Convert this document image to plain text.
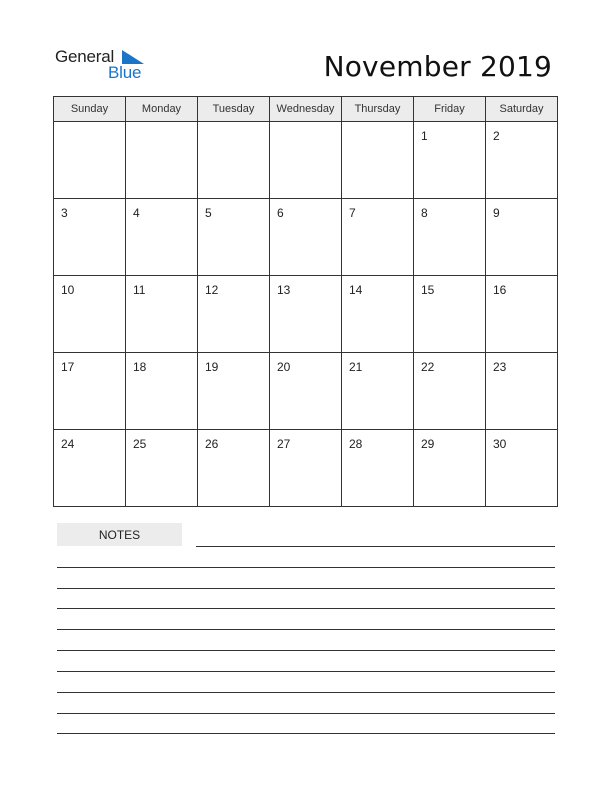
General
Blue	November 2019
Sunday	Monday	Tuesday	Wednesday	Thursday	Friday	Saturday
					1	2
3	4	5	6	7	8	9
10	11	12	13	14	15	16
17	18	19	20	21	22	23
24	25	26	27	28	29	30
NOTES
